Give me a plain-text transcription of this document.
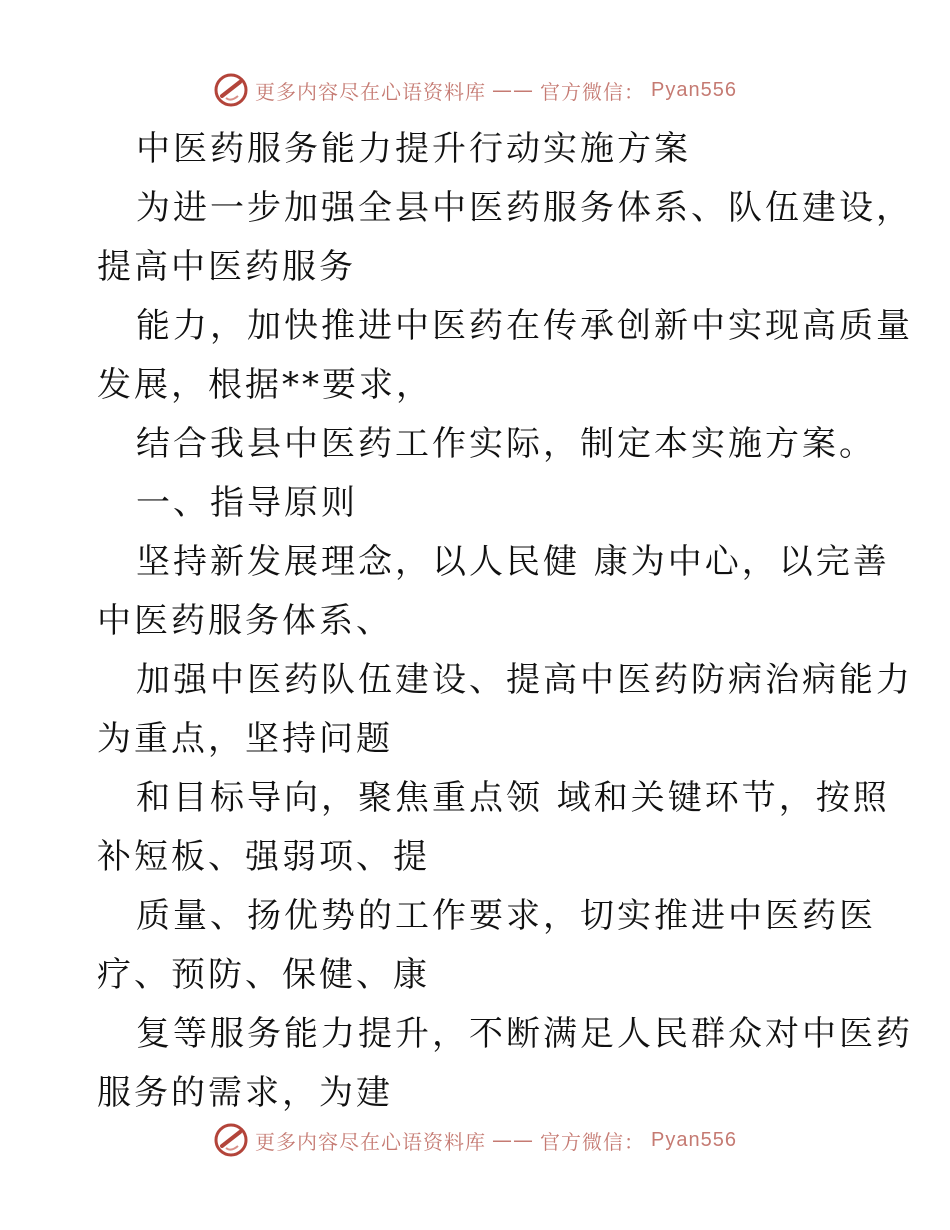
更多内容尽在心语资料库 —— 官方微信： Pyan556

中医药服务能力提升行动实施方案

为进一步加强全县中医药服务体系、队伍建设，

提高中医药服务

能力，加快推进中医药在传承创新中实现高质量

发展，根据**要求，

结合我县中医药工作实际，制定本实施方案。

一、指导原则

坚持新发展理念，以人民健 康为中心，以完善

中医药服务体系、

加强中医药队伍建设、提高中医药防病治病能力

为重点，坚持问题

和目标导向，聚焦重点领 域和关键环节，按照

补短板、强弱项、提

质量、扬优势的工作要求，切实推进中医药医

疗、预防、保健、康

复等服务能力提升，不断满足人民群众对中医药

服务的需求，为建

更多内容尽在心语资料库 —— 官方微信： Pyan556
